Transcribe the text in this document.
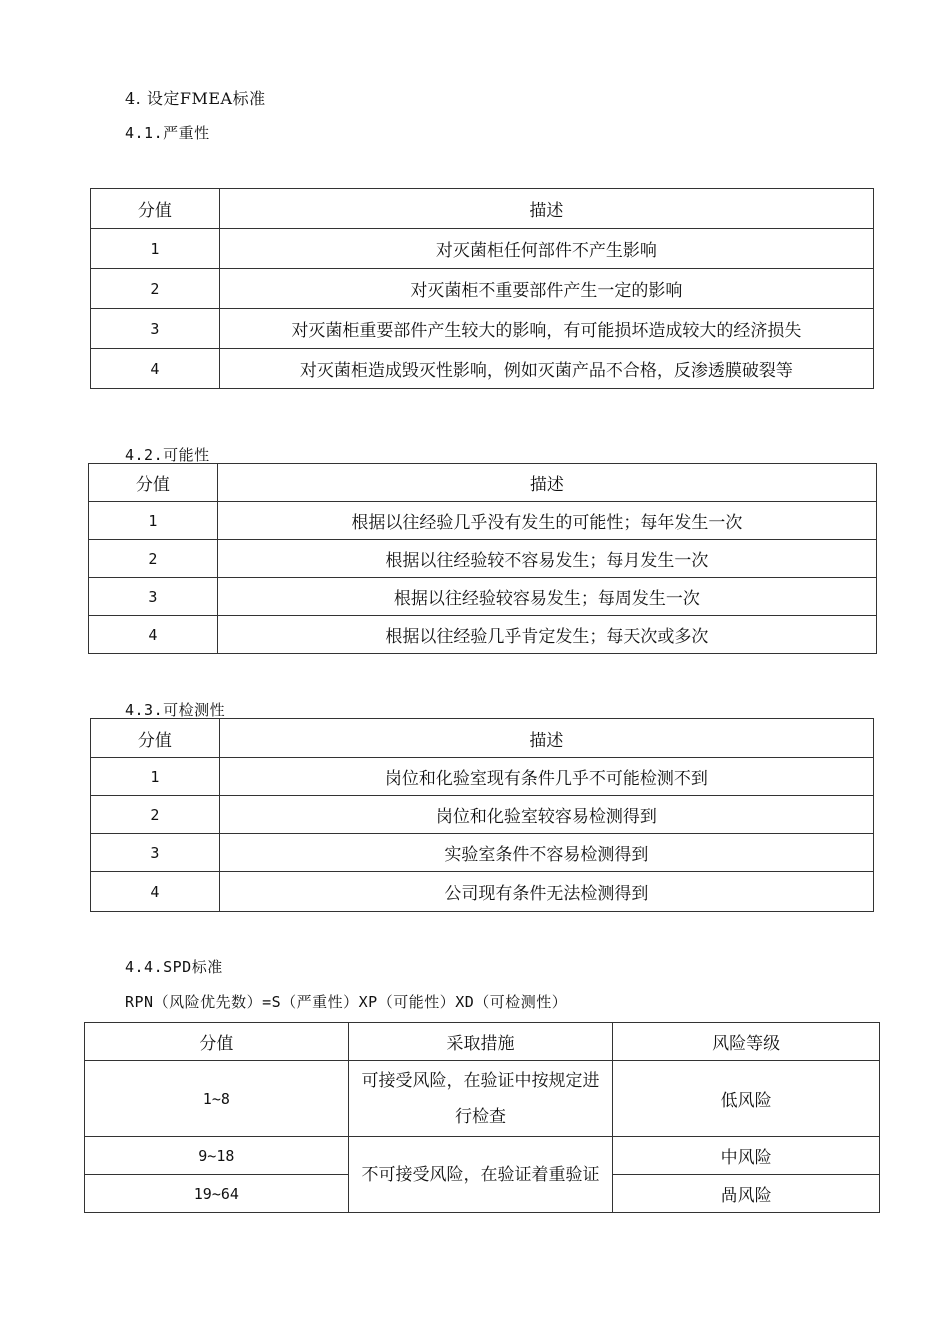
4. 设定FMEA标准
4.1.严重性
分值	描述
1	对灭菌柜任何部件不产生影响
2	对灭菌柜不重要部件产生一定的影响
3	对灭菌柜重要部件产生较大的影响，有可能损坏造成较大的经济损失
4	对灭菌柜造成毁灭性影响，例如灭菌产品不合格，反渗透膜破裂等
4.2.可能性
分值	描述
1	根据以往经验几乎没有发生的可能性；每年发生一次
2	根据以往经验较不容易发生；每月发生一次
3	根据以往经验较容易发生；每周发生一次
4	根据以往经验几乎肯定发生；每天次或多次
4.3.可检测性
分值	描述
1	岗位和化验室现有条件几乎不可能检测不到
2	岗位和化验室较容易检测得到
3	实验室条件不容易检测得到
4	公司现有条件无法检测得到
4.4.SPD标准
RPN（风险优先数）=S（严重性）XP（可能性）XD（可检测性）
分值	采取措施	风险等级
1~8	可接受风险，在验证中按规定进行检查	低风险
9~18	不可接受风险，在验证着重验证	中风险
19~64		咼风险
